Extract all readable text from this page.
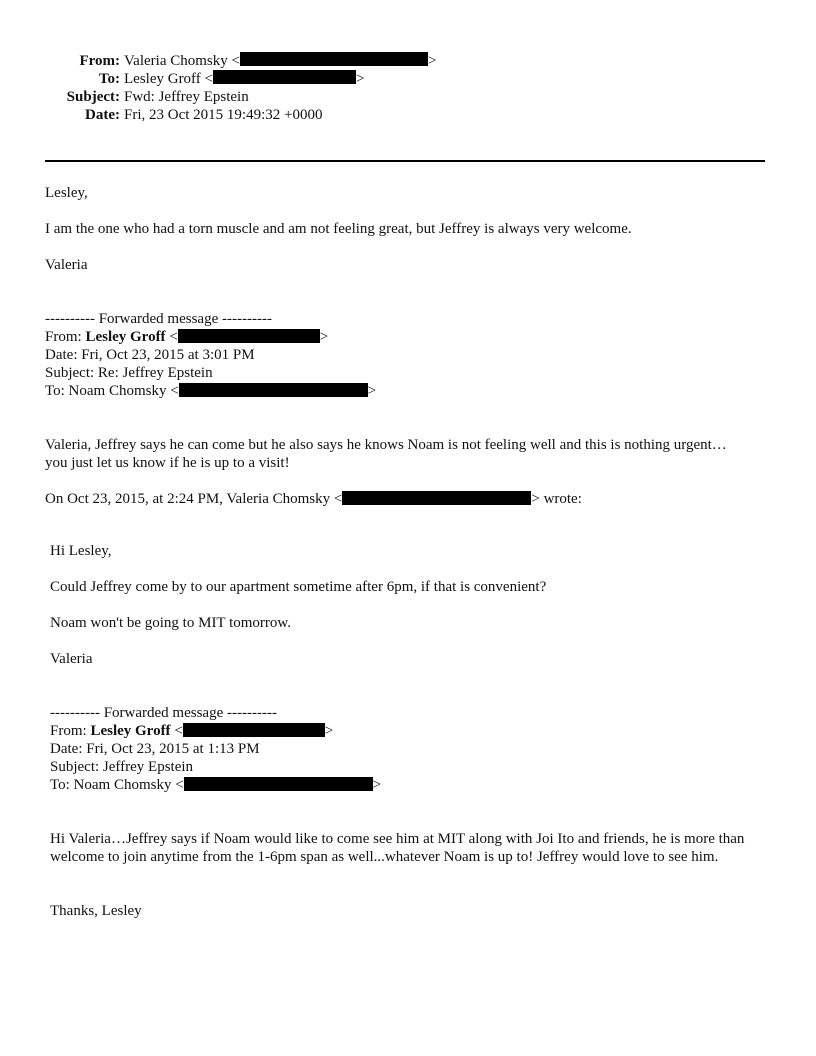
From: Valeria Chomsky <	>
To: Lesley Groff <	>
Subject: Fwd: Jeffrey Epstein
Date: Fri, 23 Oct 2015 19:49:32 +0000
Lesley,
I am the one who had a torn muscle and am not feeling great, but Jeffrey is always very welcome.
Valeria
---------- Forwarded message ----------
From: Lesley Groff <	>
Date: Fri, Oct 23, 2015 at 3:01 PM
Subject: Re: Jeffrey Epstein
To: Noam Chomsky <	>
Valeria, Jeffrey says he can come but he also says he knows Noam is not feeling well and this is nothing urgent…you just let us know if he is up to a visit!
On Oct 23, 2015, at 2:24 PM, Valeria Chomsky <	> wrote:
Hi Lesley,
Could Jeffrey come by to our apartment sometime after 6pm, if that is convenient?
Noam won't be going to MIT tomorrow.
Valeria
---------- Forwarded message ----------
From: Lesley Groff <	>
Date: Fri, Oct 23, 2015 at 1:13 PM
Subject: Jeffrey Epstein
To: Noam Chomsky <	>
Hi Valeria…Jeffrey says if Noam would like to come see him at MIT along with Joi Ito and friends, he is more than welcome to join anytime from the 1-6pm span as well...whatever Noam is up to! Jeffrey would love to see him.
Thanks, Lesley
